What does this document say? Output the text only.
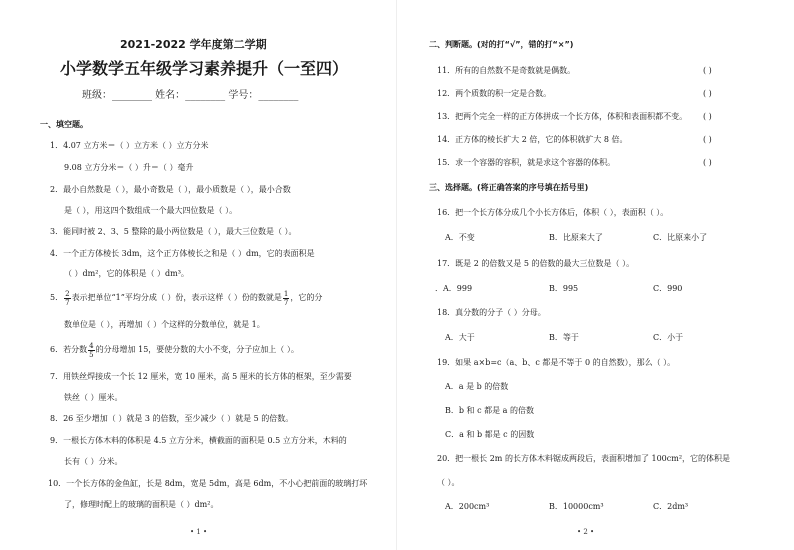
2021-2022 学年度第二学期
小学数学五年级学习素养提升（一至四）
班级：________ 姓名：________ 学号：________
一、填空题。
1．4.07 立方米＝（ ）立方米（ ）立方分米
9.08 立方分米＝（ ）升＝（ ）毫升
2．最小自然数是（ ），最小奇数是（ ），最小质数是（ ），最小合数
是（ ），用这四个数组成一个最大四位数是（ ）。
3．能同时被 2、3、5 整除的最小两位数是（ ），最大三位数是（ ）。
4．一个正方体棱长 3dm，这个正方体棱长之和是（ ）dm，它的表面积是
（ ）dm²，它的体积是（ ）dm³。
5． $\frac{2}{7}$ 表示把单位“1”平均分成（ ）份，表示这样（ ）份的数就是 $\frac{1}{7}$ ，它的分
数单位是（ ），再增加（ ）个这样的分数单位，就是 1。
6．若分数 $\frac{4}{5}$ 的分母增加 15，要使分数的大小不变，分子应加上（ ）。
7．用铁丝焊接成一个长 12 厘米，宽 10 厘米，高 5 厘米的长方体的框架，至少需要
铁丝（ ）厘米。
8．26 至少增加（ ）就是 3 的倍数，至少减少（ ）就是 5 的倍数。
9．一根长方体木料的体积是 4.5 立方分米，横截面的面积是 0.5 立方分米，木料的
长有（ ）分米。
10．一个长方体的金鱼缸，长是 8dm，宽是 5dm，高是 6dm，不小心把前面的玻璃打坏
了，修理时配上的玻璃的面积是（ ）dm²。
• 1 •
二、判断题。(对的打“√”，错的打“×”)
11．所有的自然数不是奇数就是偶数。	( )
12．两个质数的积一定是合数。	( )
13．把两个完全一样的正方体拼成一个长方体，体积和表面积都不变。 ( )
14．正方体的棱长扩大 2 倍，它的体积就扩大 8 倍。	( )
15．求一个容器的容积，就是求这个容器的体积。	( )
三、选择题。(将正确答案的序号填在括号里)
16．把一个长方体分成几个小长方体后，体积（ ），表面积（ ）。
A．不变	B．比原来大了	C．比原来小了
17．既是 2 的倍数又是 5 的倍数的最大三位数是（ ）。
．A．999	B．995	C．990
18．真分数的分子（ ）分母。
A．大于	B．等于	C．小于
19．如果 a×b=c（a、b、c 都是不等于 0 的自然数），那么（ ）。
A．a 是 b 的倍数
B．b 和 c 都是 a 的倍数
C．a 和 b 都是 c 的因数
20．把一根长 2m 的长方体木料锯成两段后，表面积增加了 100cm²，它的体积是
（ ）。
A．200cm³	B．10000cm³	C．2dm³
• 2 •
